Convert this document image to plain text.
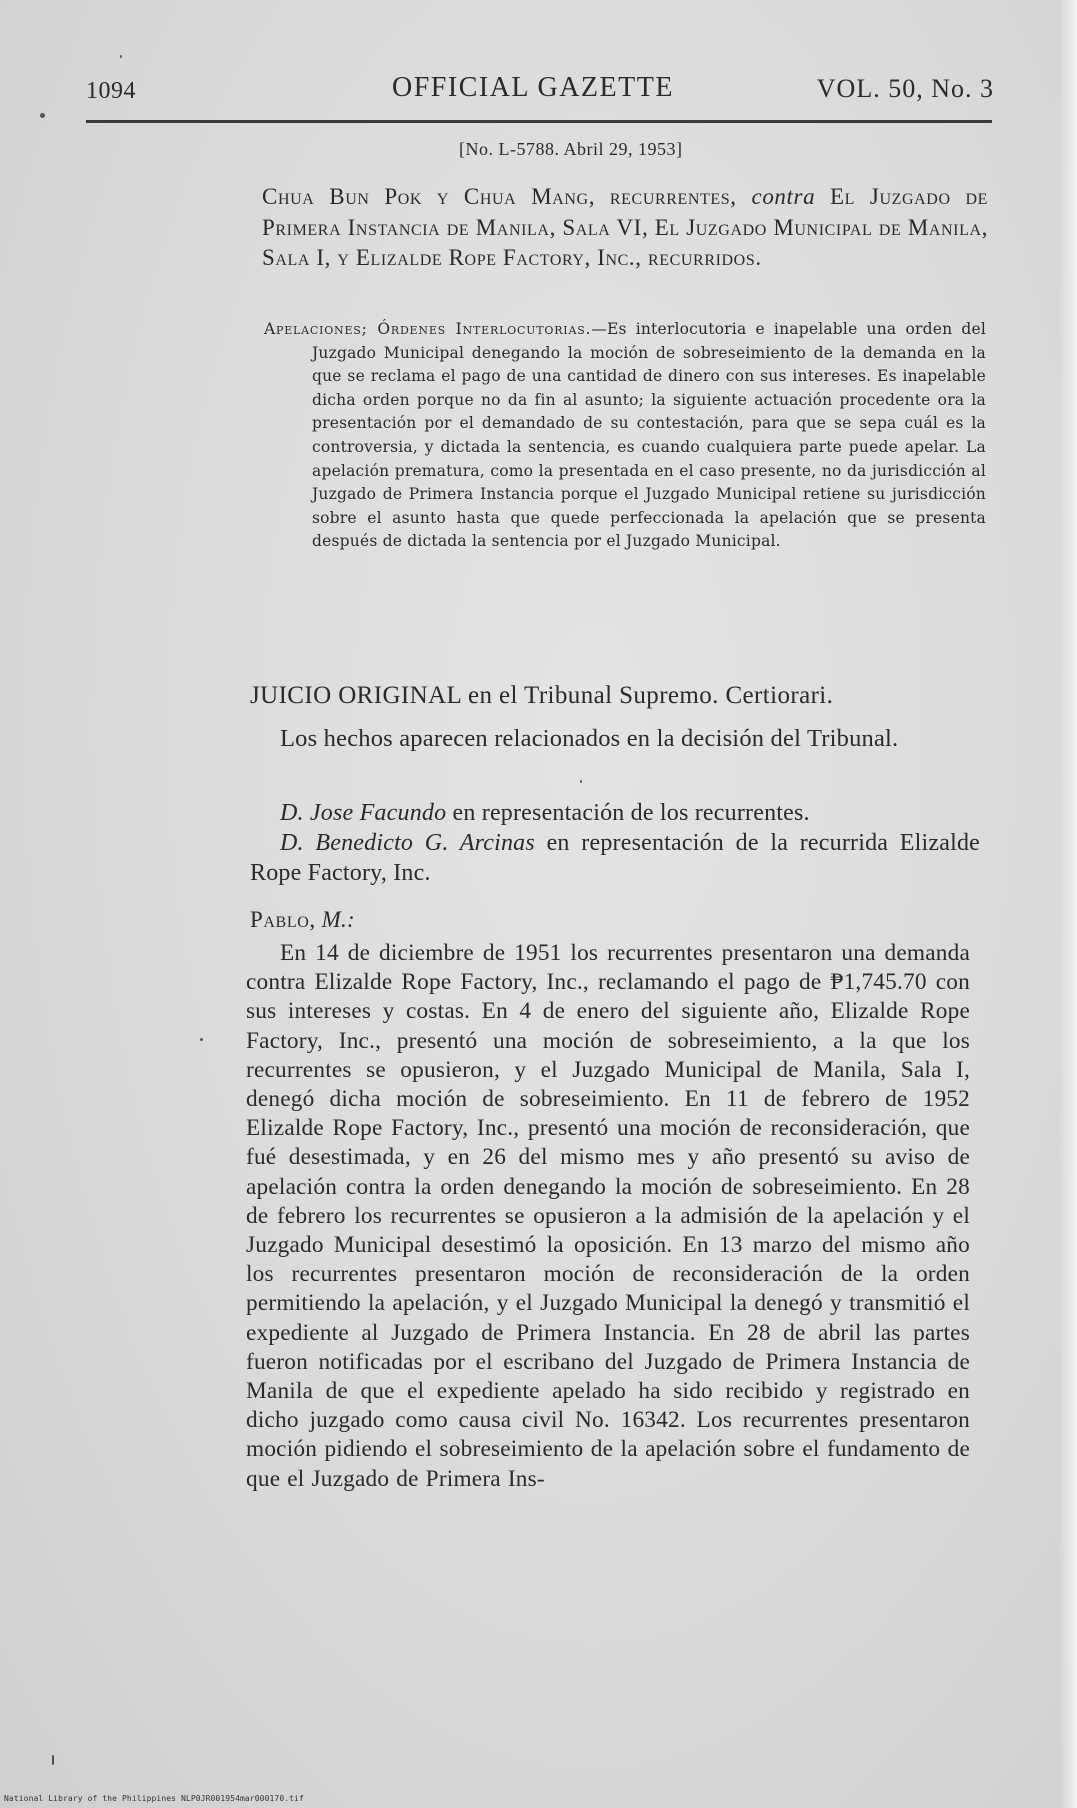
1094	OFFICIAL GAZETTE	VOL. 50, No. 3
[No. L-5788. Abril 29, 1953]
Chua Bun Pok y Chua Mang, recurrentes, contra El Juzgado de Primera Instancia de Manila, Sala VI, El Juzgado Municipal de Manila, Sala I, y Elizalde Rope Factory, Inc., recurridos.

Apelaciones; Órdenes Interlocutorias.—Es interlocutoria e inapelable una orden del Juzgado Municipal denegando la moción de sobreseimiento de la demanda en la que se reclama el pago de una cantidad de dinero con sus intereses. Es inapelable dicha orden porque no da fin al asunto; la siguiente actuación procedente ora la presentación por el demandado de su contestación, para que se sepa cuál es la controversia, y dictada la sentencia, es cuando cualquiera parte puede apelar. La apelación prematura, como la presentada en el caso presente, no da jurisdicción al Juzgado de Primera Instancia porque el Juzgado Municipal retiene su jurisdicción sobre el asunto hasta que quede perfeccionada la apelación que se presenta después de dictada la sentencia por el Juzgado Municipal.

JUICIO ORIGINAL en el Tribunal Supremo. Certiorari.
Los hechos aparecen relacionados en la decisión del Tribunal.

D. Jose Facundo en representación de los recurrentes.

D. Benedicto G. Arcinas en representación de la recurrida Elizalde Rope Factory, Inc.

Pablo, M.:
En 14 de diciembre de 1951 los recurrentes presentaron una demanda contra Elizalde Rope Factory, Inc., reclamando el pago de ₱1,745.70 con sus intereses y costas. En 4 de enero del siguiente año, Elizalde Rope Factory, Inc., presentó una moción de sobreseimiento, a la que los recurrentes se opusieron, y el Juzgado Municipal de Manila, Sala I, denegó dicha moción de sobreseimiento. En 11 de febrero de 1952 Elizalde Rope Factory, Inc., presentó una moción de reconsideración, que fué desestimada, y en 26 del mismo mes y año presentó su aviso de apelación contra la orden denegando la moción de sobreseimiento. En 28 de febrero los recurrentes se opusieron a la admisión de la apelación y el Juzgado Municipal desestimó la oposición. En 13 marzo del mismo año los recurrentes presentaron moción de reconsideración de la orden permitiendo la apelación, y el Juzgado Municipal la denegó y transmitió el expediente al Juzgado de Primera Instancia. En 28 de abril las partes fueron notificadas por el escribano del Juzgado de Primera Instancia de Manila de que el expediente apelado ha sido recibido y registrado en dicho juzgado como causa civil No. 16342. Los recurrentes presentaron moción pidiendo el sobreseimiento de la apelación sobre el fundamento de que el Juzgado de Primera Ins-
National Library of the Philippines NLP0JR001954mar000170.tif
